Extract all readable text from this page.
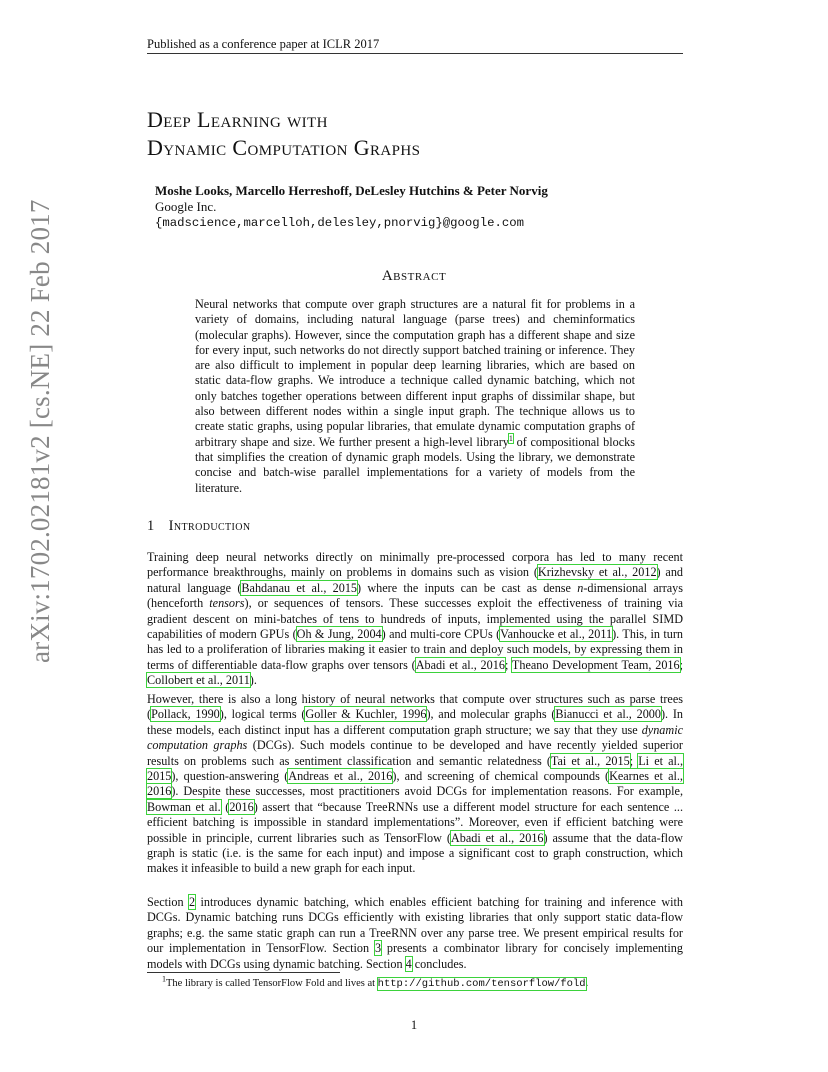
Published as a conference paper at ICLR 2017
arXiv:1702.02181v2 [cs.NE] 22 Feb 2017
Deep Learning with
Dynamic Computation Graphs
Moshe Looks, Marcello Herreshoff, DeLesley Hutchins & Peter Norvig
Google Inc.
{madscience,marcelloh,delesley,pnorvig}@google.com
Abstract
Neural networks that compute over graph structures are a natural fit for problems in a variety of domains, including natural language (parse trees) and cheminformatics (molecular graphs). However, since the computation graph has a different shape and size for every input, such networks do not directly support batched training or inference. They are also difficult to implement in popular deep learning libraries, which are based on static data-flow graphs. We introduce a technique called dynamic batching, which not only batches together operations between different input graphs of dissimilar shape, but also between different nodes within a single input graph. The technique allows us to create static graphs, using popular libraries, that emulate dynamic computation graphs of arbitrary shape and size. We further present a high-level library$^1$ of compositional blocks that simplifies the creation of dynamic graph models. Using the library, we demonstrate concise and batch-wise parallel implementations for a variety of models from the literature.
1 Introduction
Training deep neural networks directly on minimally pre-processed corpora has led to many recent performance breakthroughs, mainly on problems in domains such as vision (Krizhevsky et al., 2012) and natural language (Bahdanau et al., 2015) where the inputs can be cast as dense n-dimensional arrays (henceforth tensors), or sequences of tensors. These successes exploit the effectiveness of training via gradient descent on mini-batches of tens to hundreds of inputs, implemented using the parallel SIMD capabilities of modern GPUs (Oh & Jung, 2004) and multi-core CPUs (Vanhoucke et al., 2011). This, in turn has led to a proliferation of libraries making it easier to train and deploy such models, by expressing them in terms of differentiable data-flow graphs over tensors (Abadi et al., 2016; Theano Development Team, 2016; Collobert et al., 2011).
However, there is also a long history of neural networks that compute over structures such as parse trees (Pollack, 1990), logical terms (Goller & Kuchler, 1996), and molecular graphs (Bianucci et al., 2000). In these models, each distinct input has a different computation graph structure; we say that they use dynamic computation graphs (DCGs). Such models continue to be developed and have recently yielded superior results on problems such as sentiment classification and semantic relatedness (Tai et al., 2015; Li et al., 2015), question-answering (Andreas et al., 2016), and screening of chemical compounds (Kearnes et al., 2016). Despite these successes, most practitioners avoid DCGs for implementation reasons. For example, Bowman et al. (2016) assert that “because TreeRNNs use a different model structure for each sentence ... efficient batching is impossible in standard implementations”. Moreover, even if efficient batching were possible in principle, current libraries such as TensorFlow (Abadi et al., 2016) assume that the data-flow graph is static (i.e. is the same for each input) and impose a significant cost to graph construction, which makes it infeasible to build a new graph for each input.
Section 2 introduces dynamic batching, which enables efficient batching for training and inference with DCGs. Dynamic batching runs DCGs efficiently with existing libraries that only support static data-flow graphs; e.g. the same static graph can run a TreeRNN over any parse tree. We present empirical results for our implementation in TensorFlow. Section 3 presents a combinator library for concisely implementing models with DCGs using dynamic batching. Section 4 concludes.
$^1$The library is called TensorFlow Fold and lives at http://github.com/tensorflow/fold.
1
